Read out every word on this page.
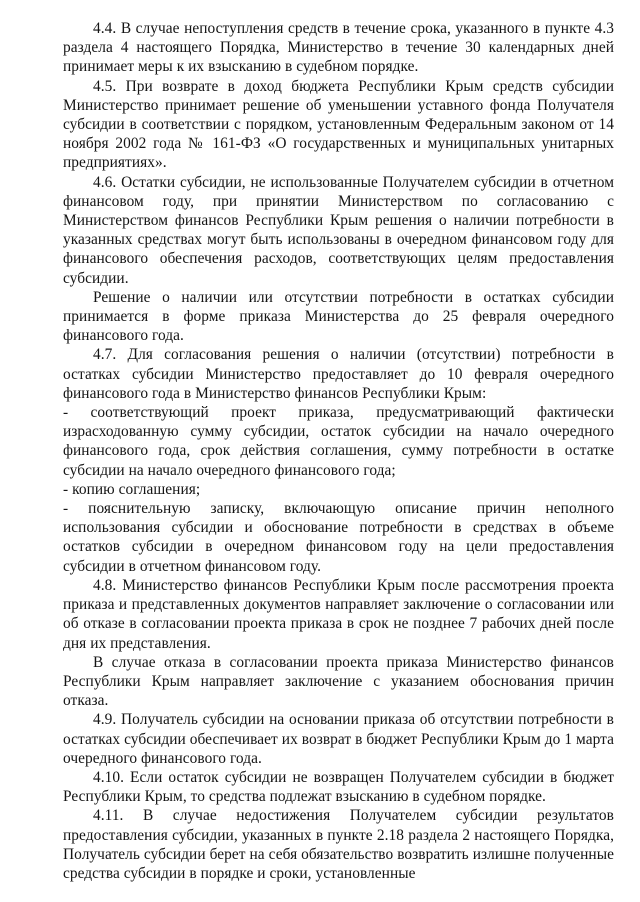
4.4. В случае непоступления средств в течение срока, указанного в пункте 4.3 раздела 4 настоящего Порядка, Министерство в течение 30 календарных дней принимает меры к их взысканию в судебном порядке.

4.5. При возврате в доход бюджета Республики Крым средств субсидии Министерство принимает решение об уменьшении уставного фонда Получателя субсидии в соответствии с порядком, установленным Федеральным законом от 14 ноября 2002 года № 161-ФЗ «О государственных и муниципальных унитарных предприятиях».

4.6. Остатки субсидии, не использованные Получателем субсидии в отчетном финансовом году, при принятии Министерством по согласованию с Министерством финансов Республики Крым решения о наличии потребности в указанных средствах могут быть использованы в очередном финансовом году для финансового обеспечения расходов, соответствующих целям предоставления субсидии.

Решение о наличии или отсутствии потребности в остатках субсидии принимается в форме приказа Министерства до 25 февраля очередного финансового года.

4.7. Для согласования решения о наличии (отсутствии) потребности в остатках субсидии Министерство предоставляет до 10 февраля очередного финансового года в Министерство финансов Республики Крым:

- соответствующий проект приказа, предусматривающий фактически израсходованную сумму субсидии, остаток субсидии на начало очередного финансового года, срок действия соглашения, сумму потребности в остатке субсидии на начало очередного финансового года;

- копию соглашения;

- пояснительную записку, включающую описание причин неполного использования субсидии и обоснование потребности в средствах в объеме остатков субсидии в очередном финансовом году на цели предоставления субсидии в отчетном финансовом году.

4.8. Министерство финансов Республики Крым после рассмотрения проекта приказа и представленных документов направляет заключение о согласовании или об отказе в согласовании проекта приказа в срок не позднее 7 рабочих дней после дня их представления.

В случае отказа в согласовании проекта приказа Министерство финансов Республики Крым направляет заключение с указанием обоснования причин отказа.

4.9. Получатель субсидии на основании приказа об отсутствии потребности в остатках субсидии обеспечивает их возврат в бюджет Республики Крым до 1 марта очередного финансового года.

4.10. Если остаток субсидии не возвращен Получателем субсидии в бюджет Республики Крым, то средства подлежат взысканию в судебном порядке.

4.11. В случае недостижения Получателем субсидии результатов предоставления субсидии, указанных в пункте 2.18 раздела 2 настоящего Порядка, Получатель субсидии берет на себя обязательство возвратить излишне полученные средства субсидии в порядке и сроки, установленные
